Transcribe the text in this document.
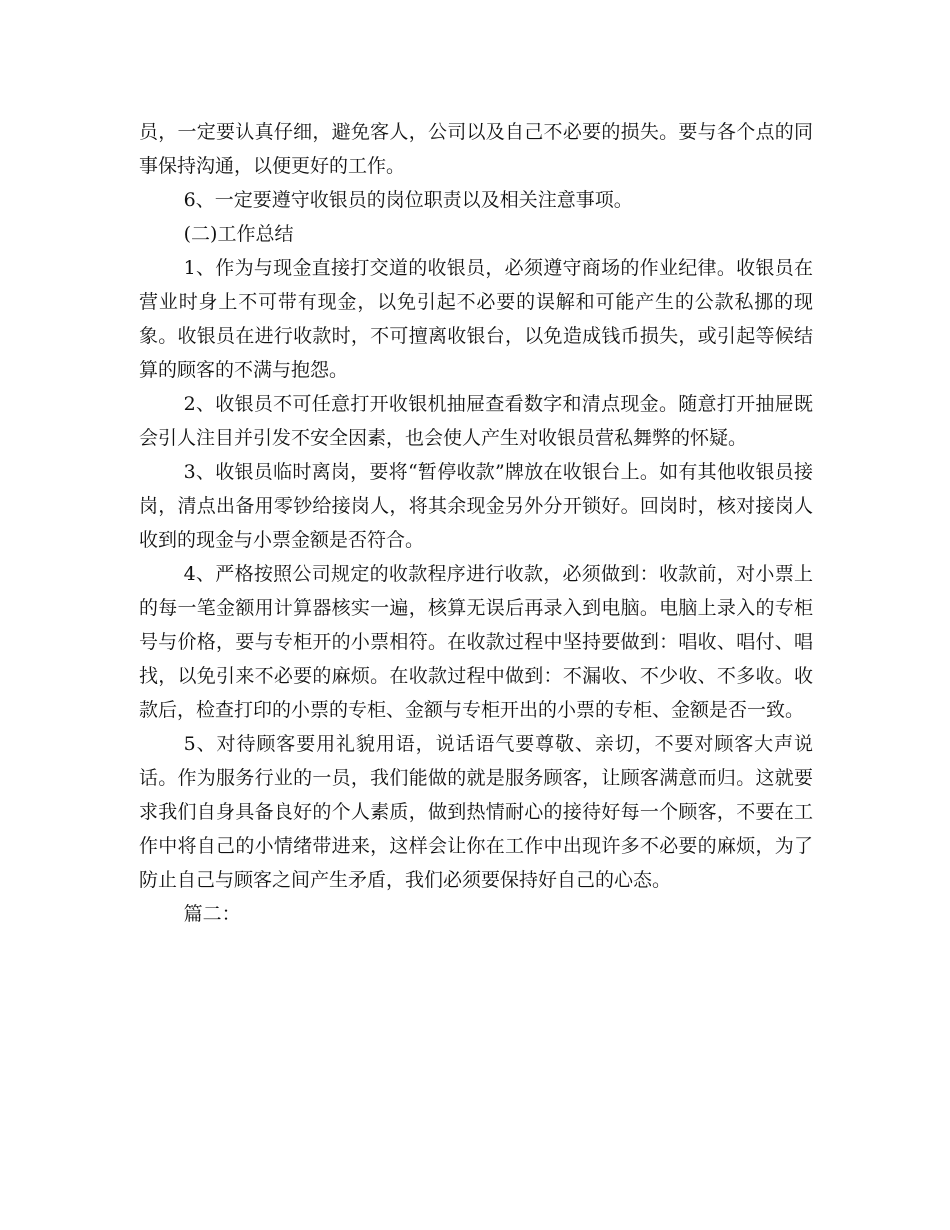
员，一定要认真仔细，避免客人，公司以及自己不必要的损失。要与各个点的同事保持沟通，以便更好的工作。

6、一定要遵守收银员的岗位职责以及相关注意事项。

(二)工作总结

1、作为与现金直接打交道的收银员，必须遵守商场的作业纪律。收银员在营业时身上不可带有现金，以免引起不必要的误解和可能产生的公款私挪的现象。收银员在进行收款时，不可擅离收银台，以免造成钱币损失，或引起等候结算的顾客的不满与抱怨。

2、收银员不可任意打开收银机抽屉查看数字和清点现金。随意打开抽屉既会引人注目并引发不安全因素，也会使人产生对收银员营私舞弊的怀疑。

3、收银员临时离岗，要将“暂停收款”牌放在收银台上。如有其他收银员接岗，清点出备用零钞给接岗人，将其余现金另外分开锁好。回岗时，核对接岗人收到的现金与小票金额是否符合。

4、严格按照公司规定的收款程序进行收款，必须做到：收款前，对小票上的每一笔金额用计算器核实一遍，核算无误后再录入到电脑。电脑上录入的专柜号与价格，要与专柜开的小票相符。在收款过程中坚持要做到：唱收、唱付、唱找，以免引来不必要的麻烦。在收款过程中做到：不漏收、不少收、不多收。收款后，检查打印的小票的专柜、金额与专柜开出的小票的专柜、金额是否一致。

5、对待顾客要用礼貌用语，说话语气要尊敬、亲切，不要对顾客大声说话。作为服务行业的一员，我们能做的就是服务顾客，让顾客满意而归。这就要求我们自身具备良好的个人素质，做到热情耐心的接待好每一个顾客，不要在工作中将自己的小情绪带进来，这样会让你在工作中出现许多不必要的麻烦，为了防止自己与顾客之间产生矛盾，我们必须要保持好自己的心态。

篇二：
